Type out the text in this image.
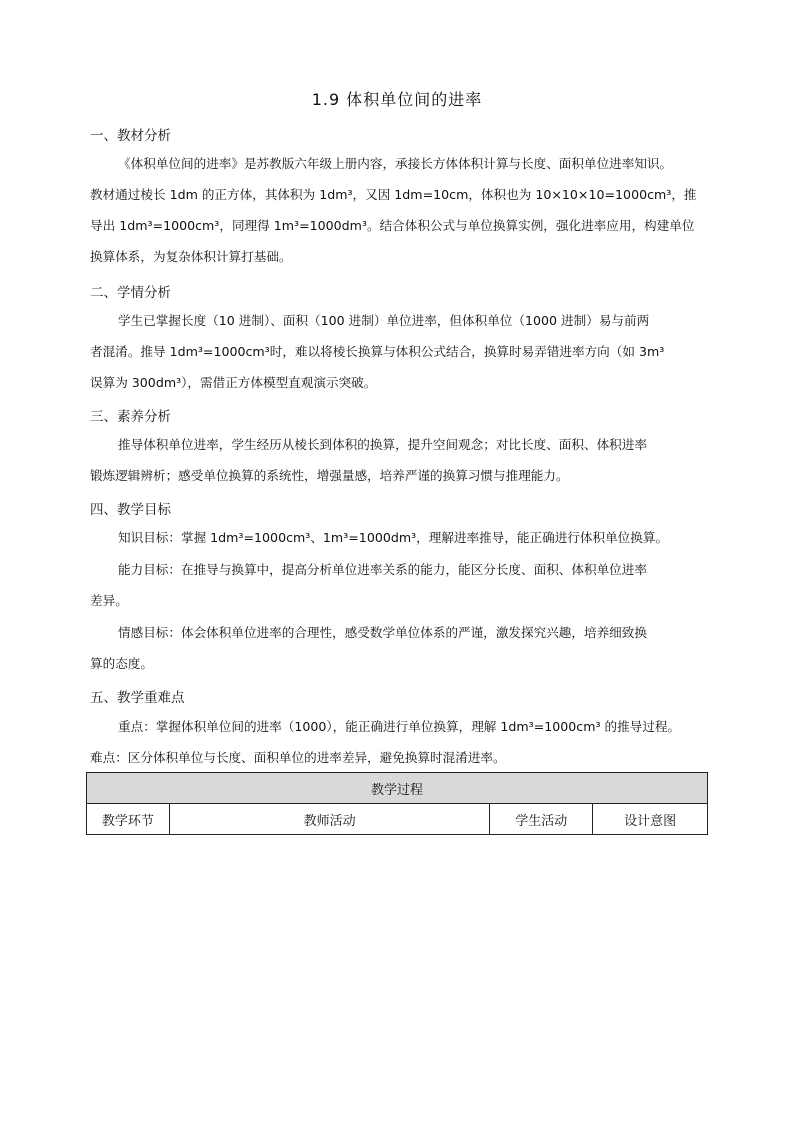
1.9 体积单位间的进率
一、教材分析
《体积单位间的进率》是苏教版六年级上册内容，承接长方体体积计算与长度、面积单位进率知识。
教材通过棱长 1dm 的正方体，其体积为 1dm³，又因 1dm=10cm，体积也为 10×10×10=1000cm³，推
导出 1dm³=1000cm³，同理得 1m³=1000dm³。结合体积公式与单位换算实例，强化进率应用，构建单位
换算体系，为复杂体积计算打基础。
二、学情分析
学生已掌握长度（10 进制）、面积（100 进制）单位进率，但体积单位（1000 进制）易与前两
者混淆。推导 1dm³=1000cm³时，难以将棱长换算与体积公式结合，换算时易弄错进率方向（如 3m³
误算为 300dm³），需借正方体模型直观演示突破。
三、素养分析
推导体积单位进率，学生经历从棱长到体积的换算，提升空间观念；对比长度、面积、体积进率
锻炼逻辑辨析；感受单位换算的系统性，增强量感，培养严谨的换算习惯与推理能力。
四、教学目标
知识目标：掌握 1dm³=1000cm³、1m³=1000dm³，理解进率推导，能正确进行体积单位换算。
能力目标：在推导与换算中，提高分析单位进率关系的能力，能区分长度、面积、体积单位进率
差异。
情感目标：体会体积单位进率的合理性，感受数学单位体系的严谨，激发探究兴趣，培养细致换
算的态度。
五、教学重难点
重点：掌握体积单位间的进率（1000），能正确进行单位换算，理解 1dm³=1000cm³ 的推导过程。
难点：区分体积单位与长度、面积单位的进率差异，避免换算时混淆进率。
教学过程
教学环节	教师活动	学生活动	设计意图
